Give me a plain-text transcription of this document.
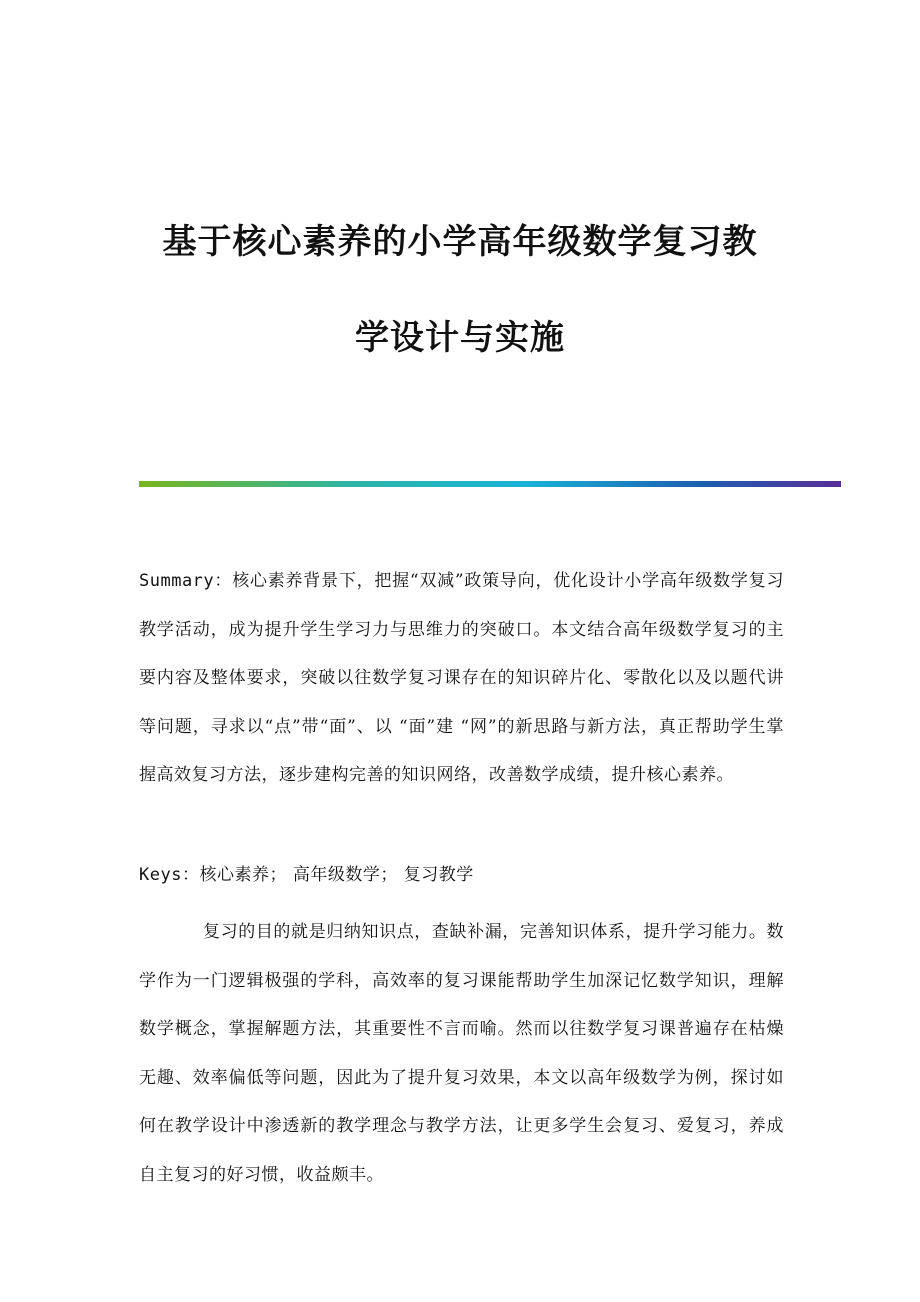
基于核心素养的小学高年级数学复习教
学设计与实施
Summary：核心素养背景下，把握“双减”政策导向，优化设计小学高年级数学复习教学活动，成为提升学生学习力与思维力的突破口。本文结合高年级数学复习的主要内容及整体要求，突破以往数学复习课存在的知识碎片化、零散化以及以题代讲等问题，寻求以“点”带“面”、以 “面”建 “网”的新思路与新方法，真正帮助学生掌握高效复习方法，逐步建构完善的知识网络，改善数学成绩，提升核心素养。
Keys：核心素养； 高年级数学； 复习教学
复习的目的就是归纳知识点，查缺补漏，完善知识体系，提升学习能力。数学作为一门逻辑极强的学科，高效率的复习课能帮助学生加深记忆数学知识，理解数学概念，掌握解题方法，其重要性不言而喻。然而以往数学复习课普遍存在枯燥无趣、效率偏低等问题，因此为了提升复习效果，本文以高年级数学为例，探讨如何在教学设计中渗透新的教学理念与教学方法，让更多学生会复习、爱复习，养成自主复习的好习惯，收益颇丰。
